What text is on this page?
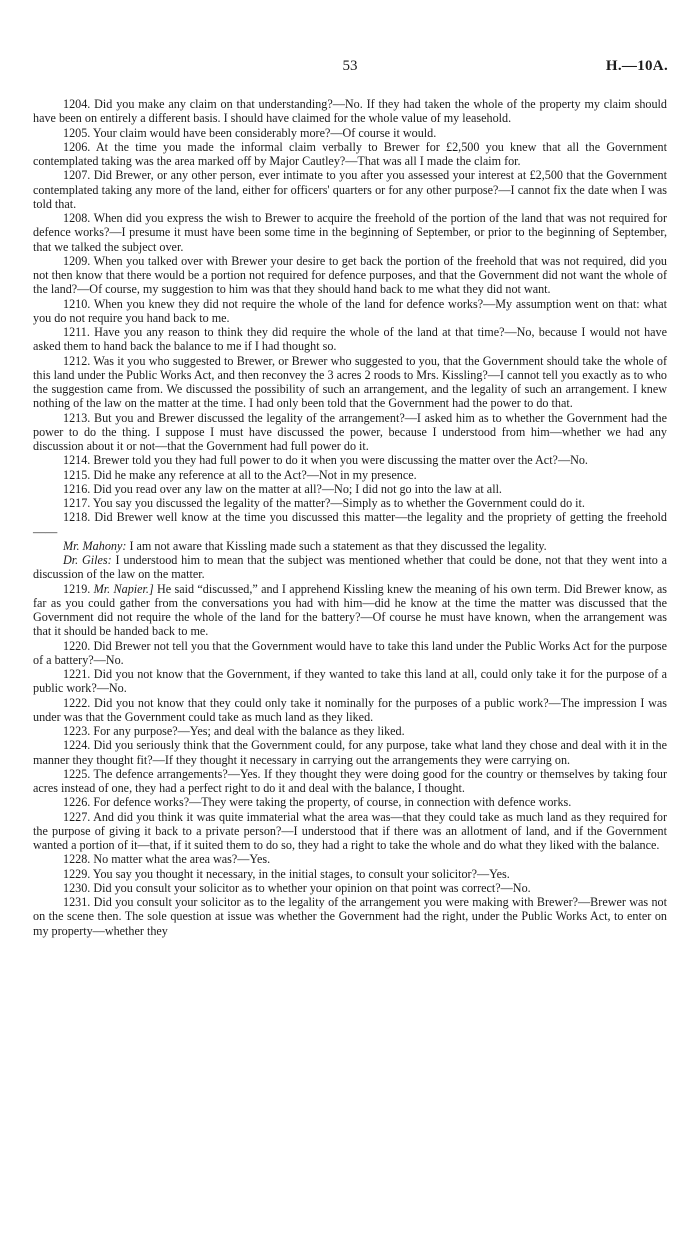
53	H.—10A.

1204. Did you make any claim on that understanding?—No. If they had taken the whole of the property my claim should have been on entirely a different basis. I should have claimed for the whole value of my leasehold.

1205. Your claim would have been considerably more?—Of course it would.

1206. At the time you made the informal claim verbally to Brewer for £2,500 you knew that all the Government contemplated taking was the area marked off by Major Cautley?—That was all I made the claim for.

1207. Did Brewer, or any other person, ever intimate to you after you assessed your interest at £2,500 that the Government contemplated taking any more of the land, either for officers' quarters or for any other purpose?—I cannot fix the date when I was told that.

1208. When did you express the wish to Brewer to acquire the freehold of the portion of the land that was not required for defence works?—I presume it must have been some time in the beginning of September, or prior to the beginning of September, that we talked the subject over.

1209. When you talked over with Brewer your desire to get back the portion of the freehold that was not required, did you not then know that there would be a portion not required for defence purposes, and that the Government did not want the whole of the land?—Of course, my suggestion to him was that they should hand back to me what they did not want.

1210. When you knew they did not require the whole of the land for defence works?—My assumption went on that: what you do not require you hand back to me.

1211. Have you any reason to think they did require the whole of the land at that time?—No, because I would not have asked them to hand back the balance to me if I had thought so.

1212. Was it you who suggested to Brewer, or Brewer who suggested to you, that the Government should take the whole of this land under the Public Works Act, and then reconvey the 3 acres 2 roods to Mrs. Kissling?—I cannot tell you exactly as to who the suggestion came from. We discussed the possibility of such an arrangement, and the legality of such an arrangement. I knew nothing of the law on the matter at the time. I had only been told that the Government had the power to do that.

1213. But you and Brewer discussed the legality of the arrangement?—I asked him as to whether the Government had the power to do the thing. I suppose I must have discussed the power, because I understood from him—whether we had any discussion about it or not—that the Government had full power do it.

1214. Brewer told you they had full power to do it when you were discussing the matter over the Act?—No.

1215. Did he make any reference at all to the Act?—Not in my presence.

1216. Did you read over any law on the matter at all?—No; I did not go into the law at all.

1217. You say you discussed the legality of the matter?—Simply as to whether the Government could do it.

1218. Did Brewer well know at the time you discussed this matter—the legality and the propriety of getting the freehold——

Mr. Mahony: I am not aware that Kissling made such a statement as that they discussed the legality.

Dr. Giles: I understood him to mean that the subject was mentioned whether that could be done, not that they went into a discussion of the law on the matter.

1219. Mr. Napier.] He said “discussed,” and I apprehend Kissling knew the meaning of his own term. Did Brewer know, as far as you could gather from the conversations you had with him—did he know at the time the matter was discussed that the Government did not require the whole of the land for the battery?—Of course he must have known, when the arrangement was that it should be handed back to me.

1220. Did Brewer not tell you that the Government would have to take this land under the Public Works Act for the purpose of a battery?—No.

1221. Did you not know that the Government, if they wanted to take this land at all, could only take it for the purpose of a public work?—No.

1222. Did you not know that they could only take it nominally for the purposes of a public work?—The impression I was under was that the Government could take as much land as they liked.

1223. For any purpose?—Yes; and deal with the balance as they liked.

1224. Did you seriously think that the Government could, for any purpose, take what land they chose and deal with it in the manner they thought fit?—If they thought it necessary in carrying out the arrangements they were carrying on.

1225. The defence arrangements?—Yes. If they thought they were doing good for the country or themselves by taking four acres instead of one, they had a perfect right to do it and deal with the balance, I thought.

1226. For defence works?—They were taking the property, of course, in connection with defence works.

1227. And did you think it was quite immaterial what the area was—that they could take as much land as they required for the purpose of giving it back to a private person?—I understood that if there was an allotment of land, and if the Government wanted a portion of it—that, if it suited them to do so, they had a right to take the whole and do what they liked with the balance.

1228. No matter what the area was?—Yes.

1229. You say you thought it necessary, in the initial stages, to consult your solicitor?—Yes.

1230. Did you consult your solicitor as to whether your opinion on that point was correct?—No.

1231. Did you consult your solicitor as to the legality of the arrangement you were making with Brewer?—Brewer was not on the scene then. The sole question at issue was whether the Government had the right, under the Public Works Act, to enter on my property—whether they
